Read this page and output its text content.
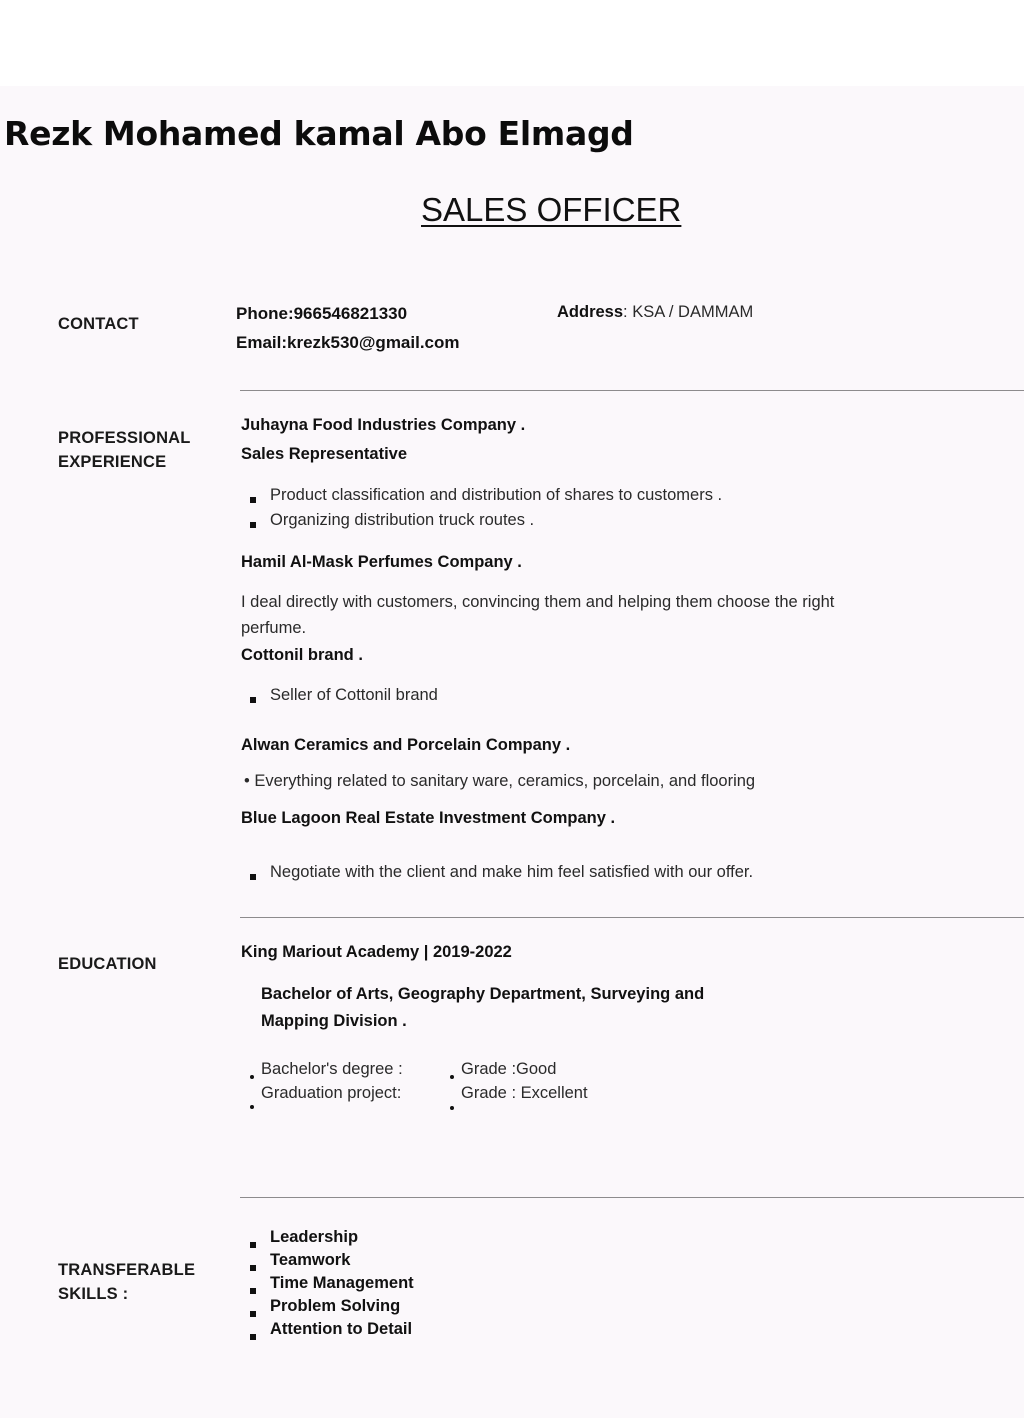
Rezk Mohamed kamal Abo Elmagd
SALES OFFICER
CONTACT
Phone:966546821330
Email:krezk530@gmail.com
Address: KSA / DAMMAM
PROFESSIONAL
EXPERIENCE
Juhayna Food Industries Company .
Sales Representative
Product classification and distribution of shares to customers .
Organizing distribution truck routes .
Hamil Al-Mask Perfumes Company .
I deal directly with customers, convincing them and helping them choose the right
perfume.
Cottonil brand .
Seller of Cottonil brand
Alwan Ceramics and Porcelain Company .
• Everything related to sanitary ware, ceramics, porcelain, and flooring
Blue Lagoon Real Estate Investment Company .
Negotiate with the client and make him feel satisfied with our offer.
EDUCATION
King Mariout Academy | 2019-2022
Bachelor of Arts, Geography Department, Surveying and
Mapping Division .
Bachelor's degree :	Grade :Good
Graduation project:	Grade : Excellent
TRANSFERABLE
SKILLS :
Leadership
Teamwork
Time Management
Problem Solving
Attention to Detail
